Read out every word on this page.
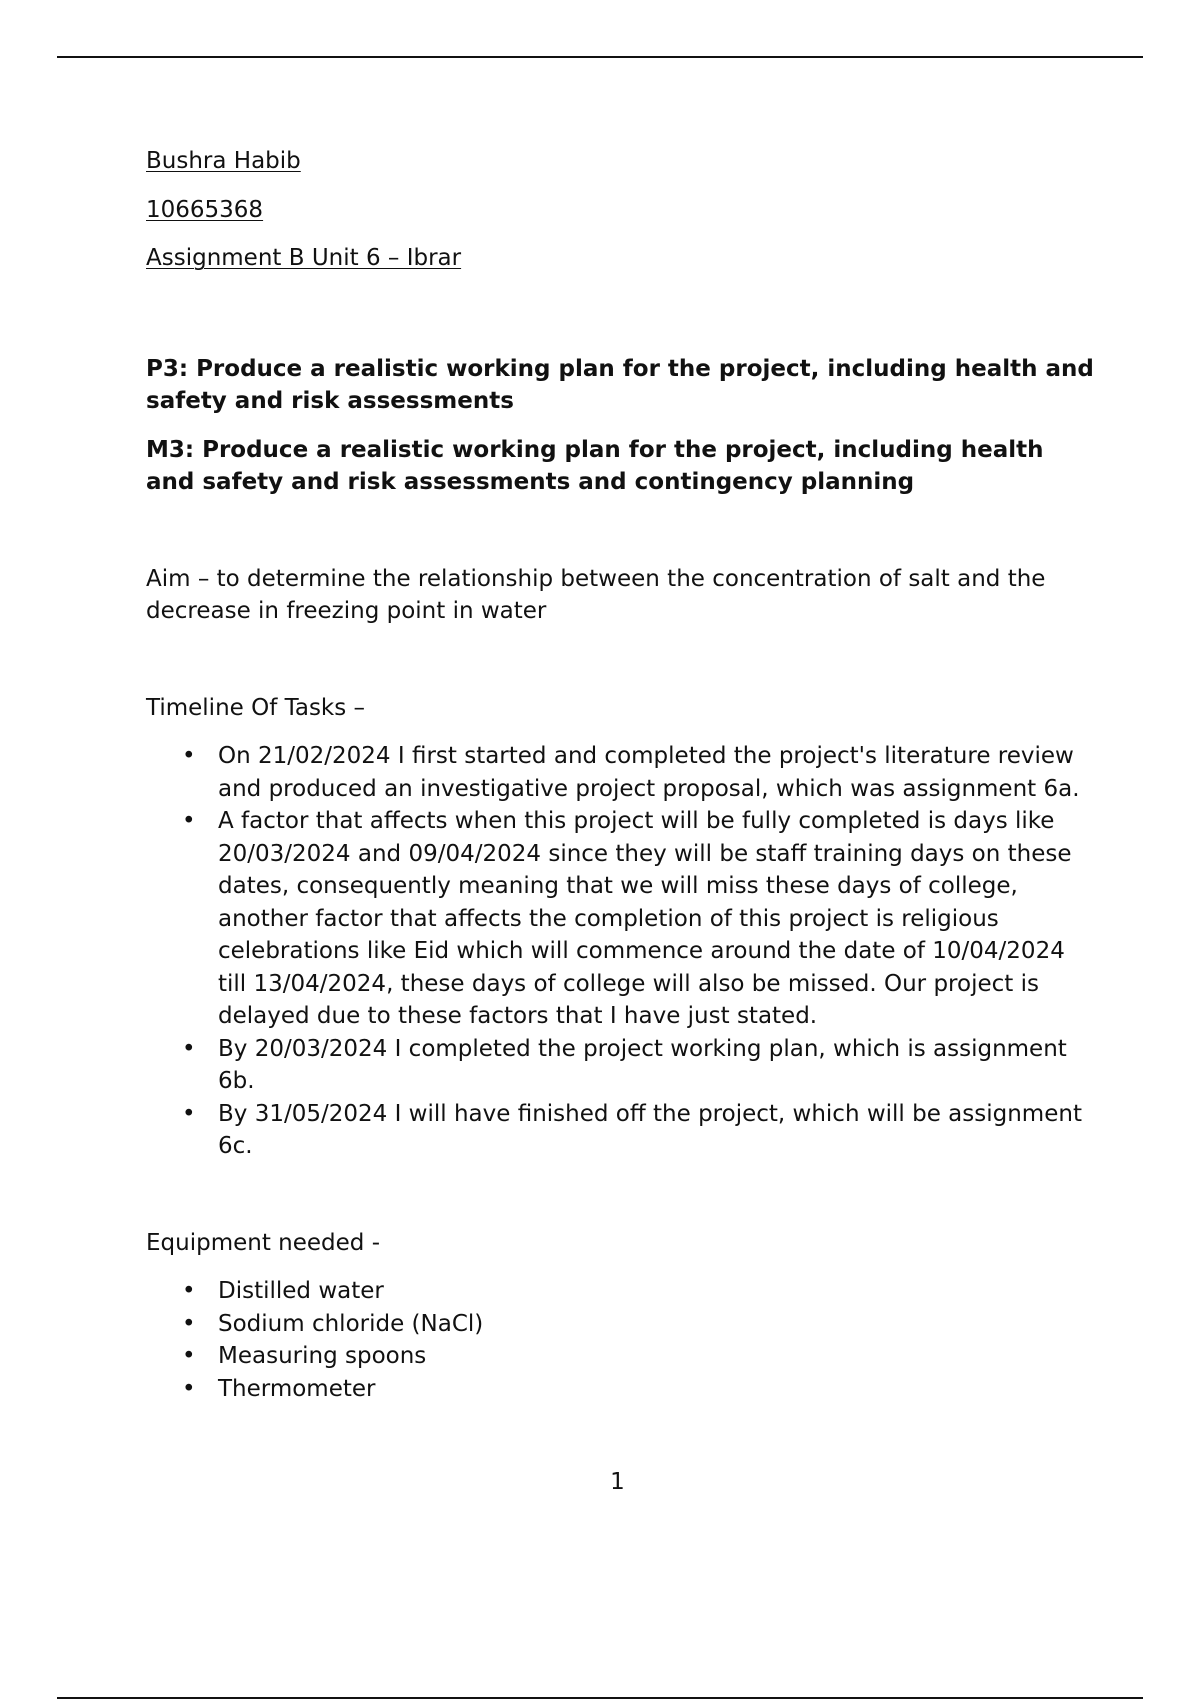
Bushra Habib

10665368

Assignment B Unit 6 – Ibrar

P3: Produce a realistic working plan for the project, including health and safety and risk assessments

M3: Produce a realistic working plan for the project, including health and safety and risk assessments and contingency planning

Aim – to determine the relationship between the concentration of salt and the decrease in freezing point in water

Timeline Of Tasks –

• On 21/02/2024 I first started and completed the project's literature review and produced an investigative project proposal, which was assignment 6a.
• A factor that affects when this project will be fully completed is days like 20/03/2024 and 09/04/2024 since they will be staff training days on these dates, consequently meaning that we will miss these days of college, another factor that affects the completion of this project is religious celebrations like Eid which will commence around the date of 10/04/2024 till 13/04/2024, these days of college will also be missed. Our project is delayed due to these factors that I have just stated.
• By 20/03/2024 I completed the project working plan, which is assignment 6b.
• By 31/05/2024 I will have finished off the project, which will be assignment 6c.

Equipment needed -

• Distilled water
• Sodium chloride (NaCl)
• Measuring spoons
• Thermometer
1
